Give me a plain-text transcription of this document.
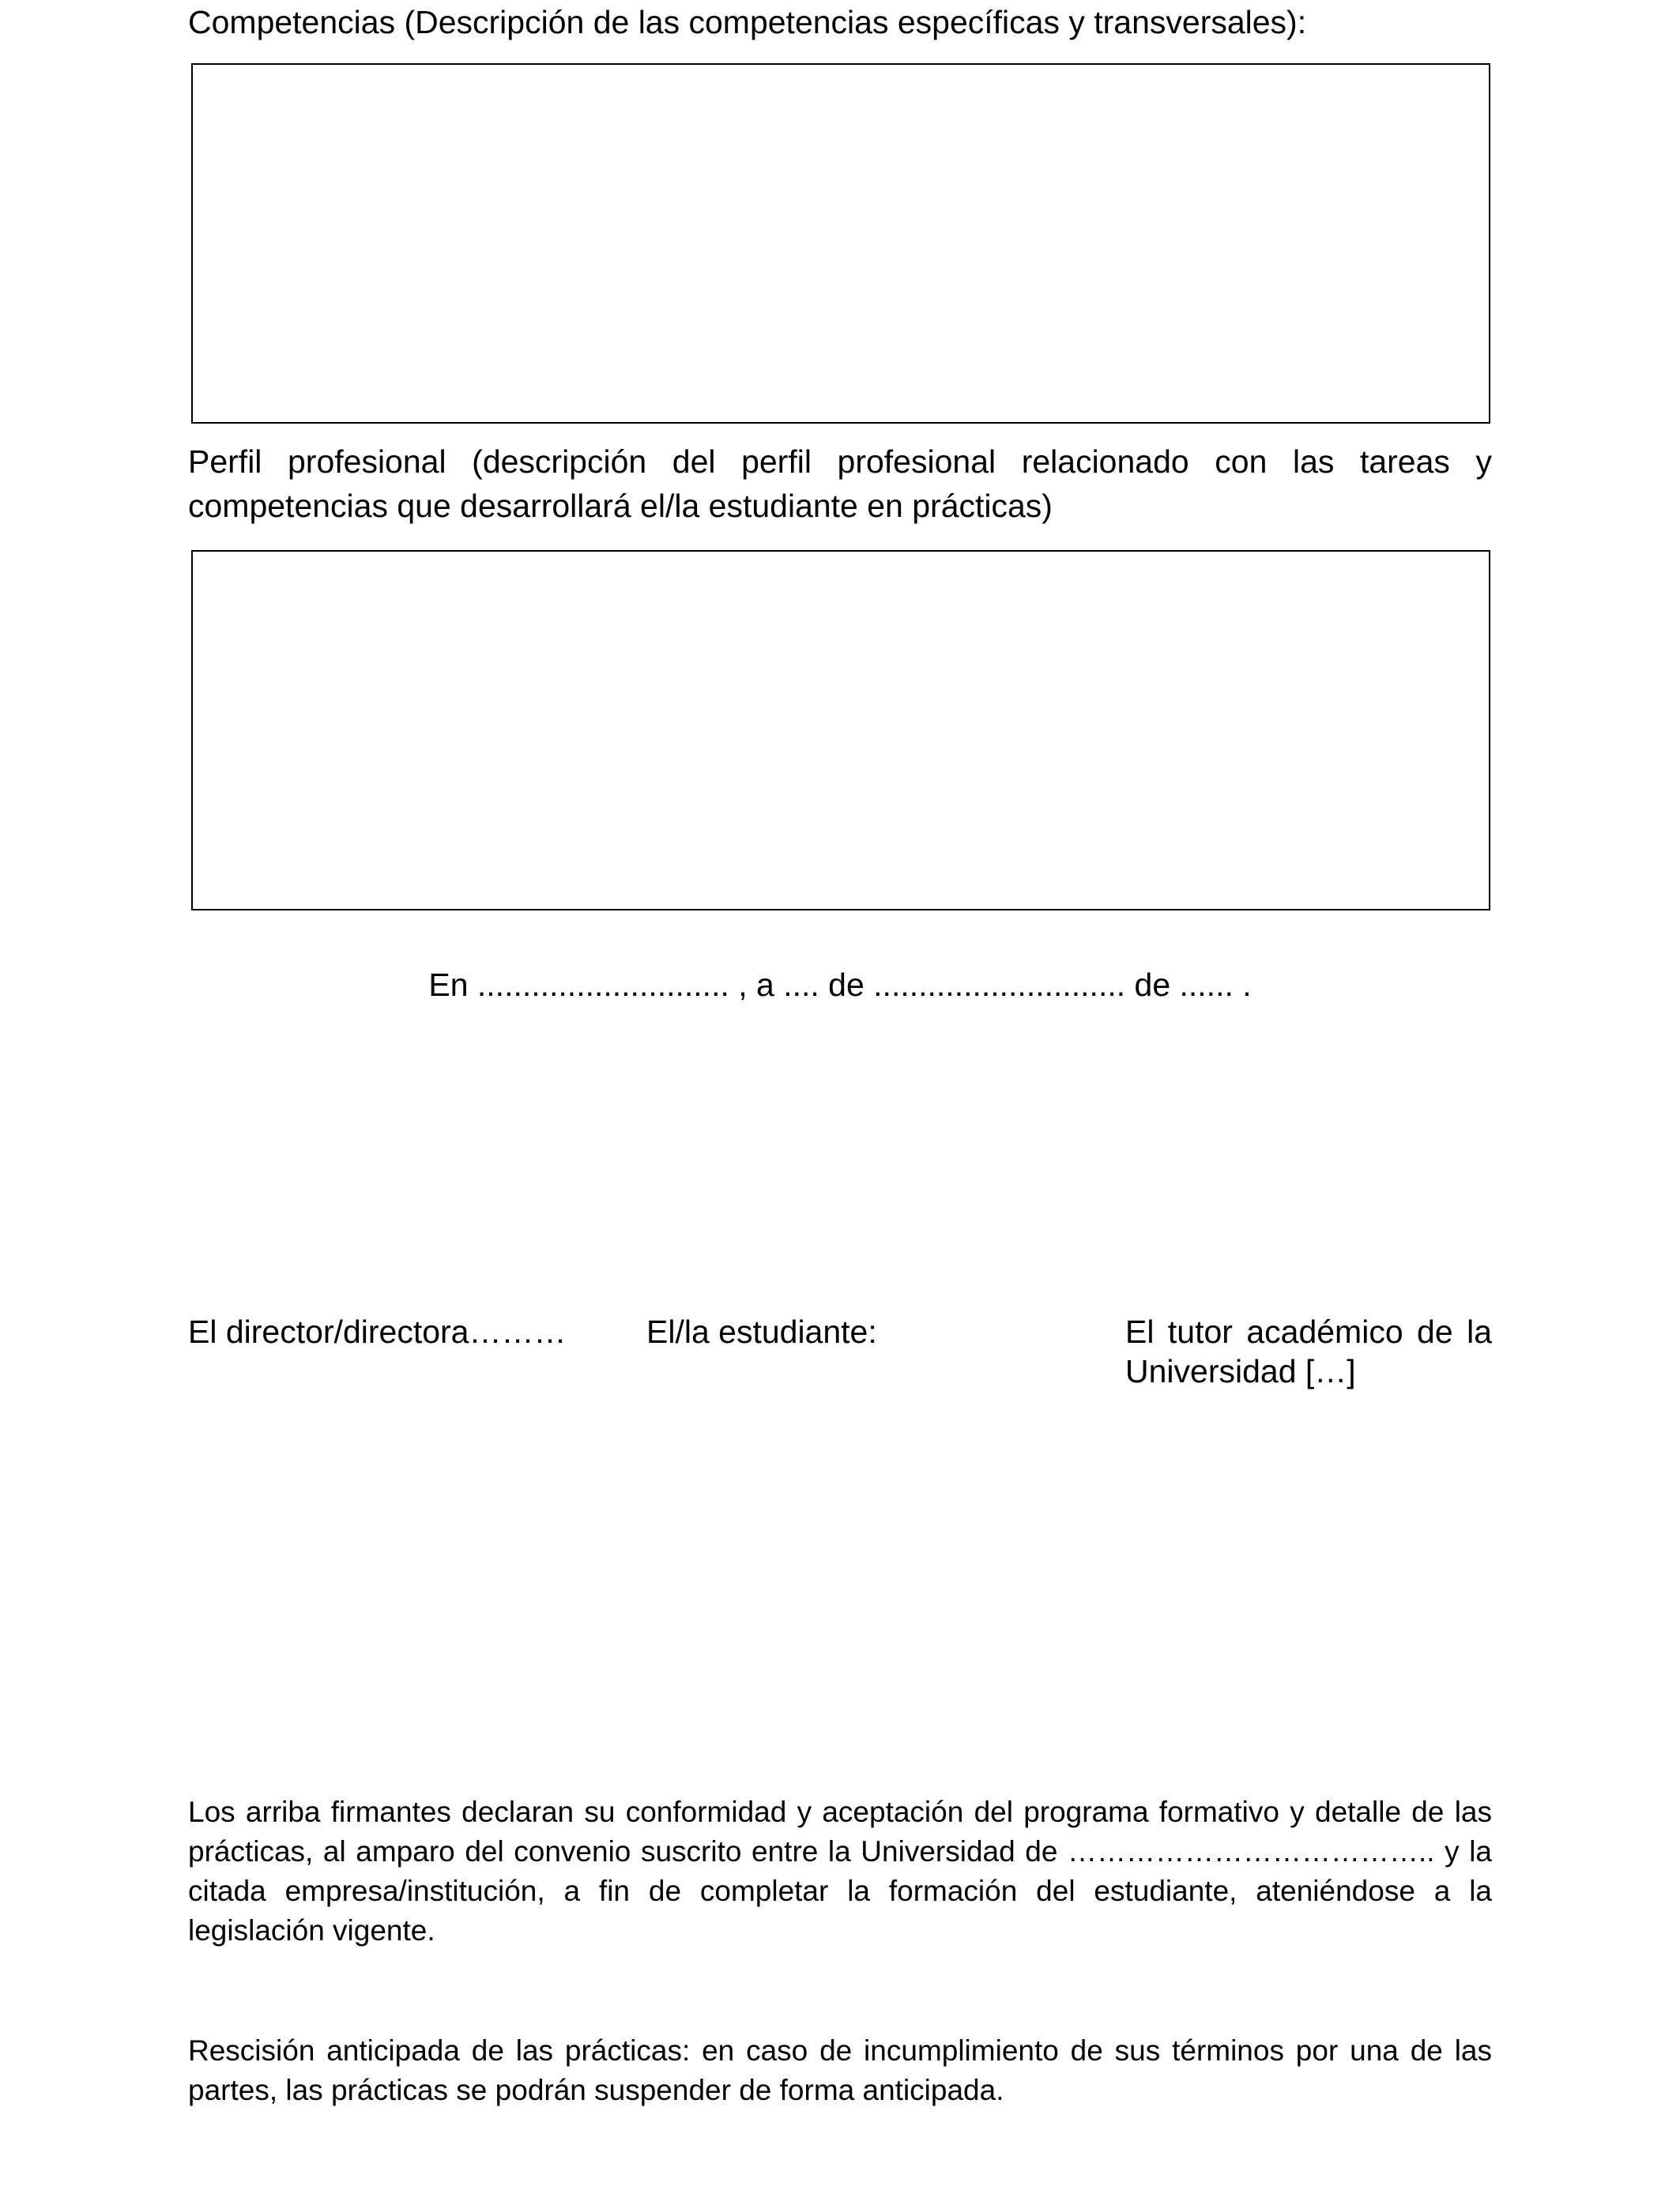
Competencias (Descripción de las competencias específicas y transversales):
Perfil profesional (descripción del perfil profesional relacionado con las tareas y competencias que desarrollará el/la estudiante en prácticas)
En ............................ , a .... de ............................ de ...... .
El director/directora………	El/la estudiante:	El tutor académico de la Universidad […]
Los arriba firmantes declaran su conformidad y aceptación del programa formativo y detalle de las prácticas, al amparo del convenio suscrito entre la Universidad de ……………………………….. y la citada empresa/institución, a fin de completar la formación del estudiante, ateniéndose a la legislación vigente.
Rescisión anticipada de las prácticas: en caso de incumplimiento de sus términos por una de las partes, las prácticas se podrán suspender de forma anticipada.
